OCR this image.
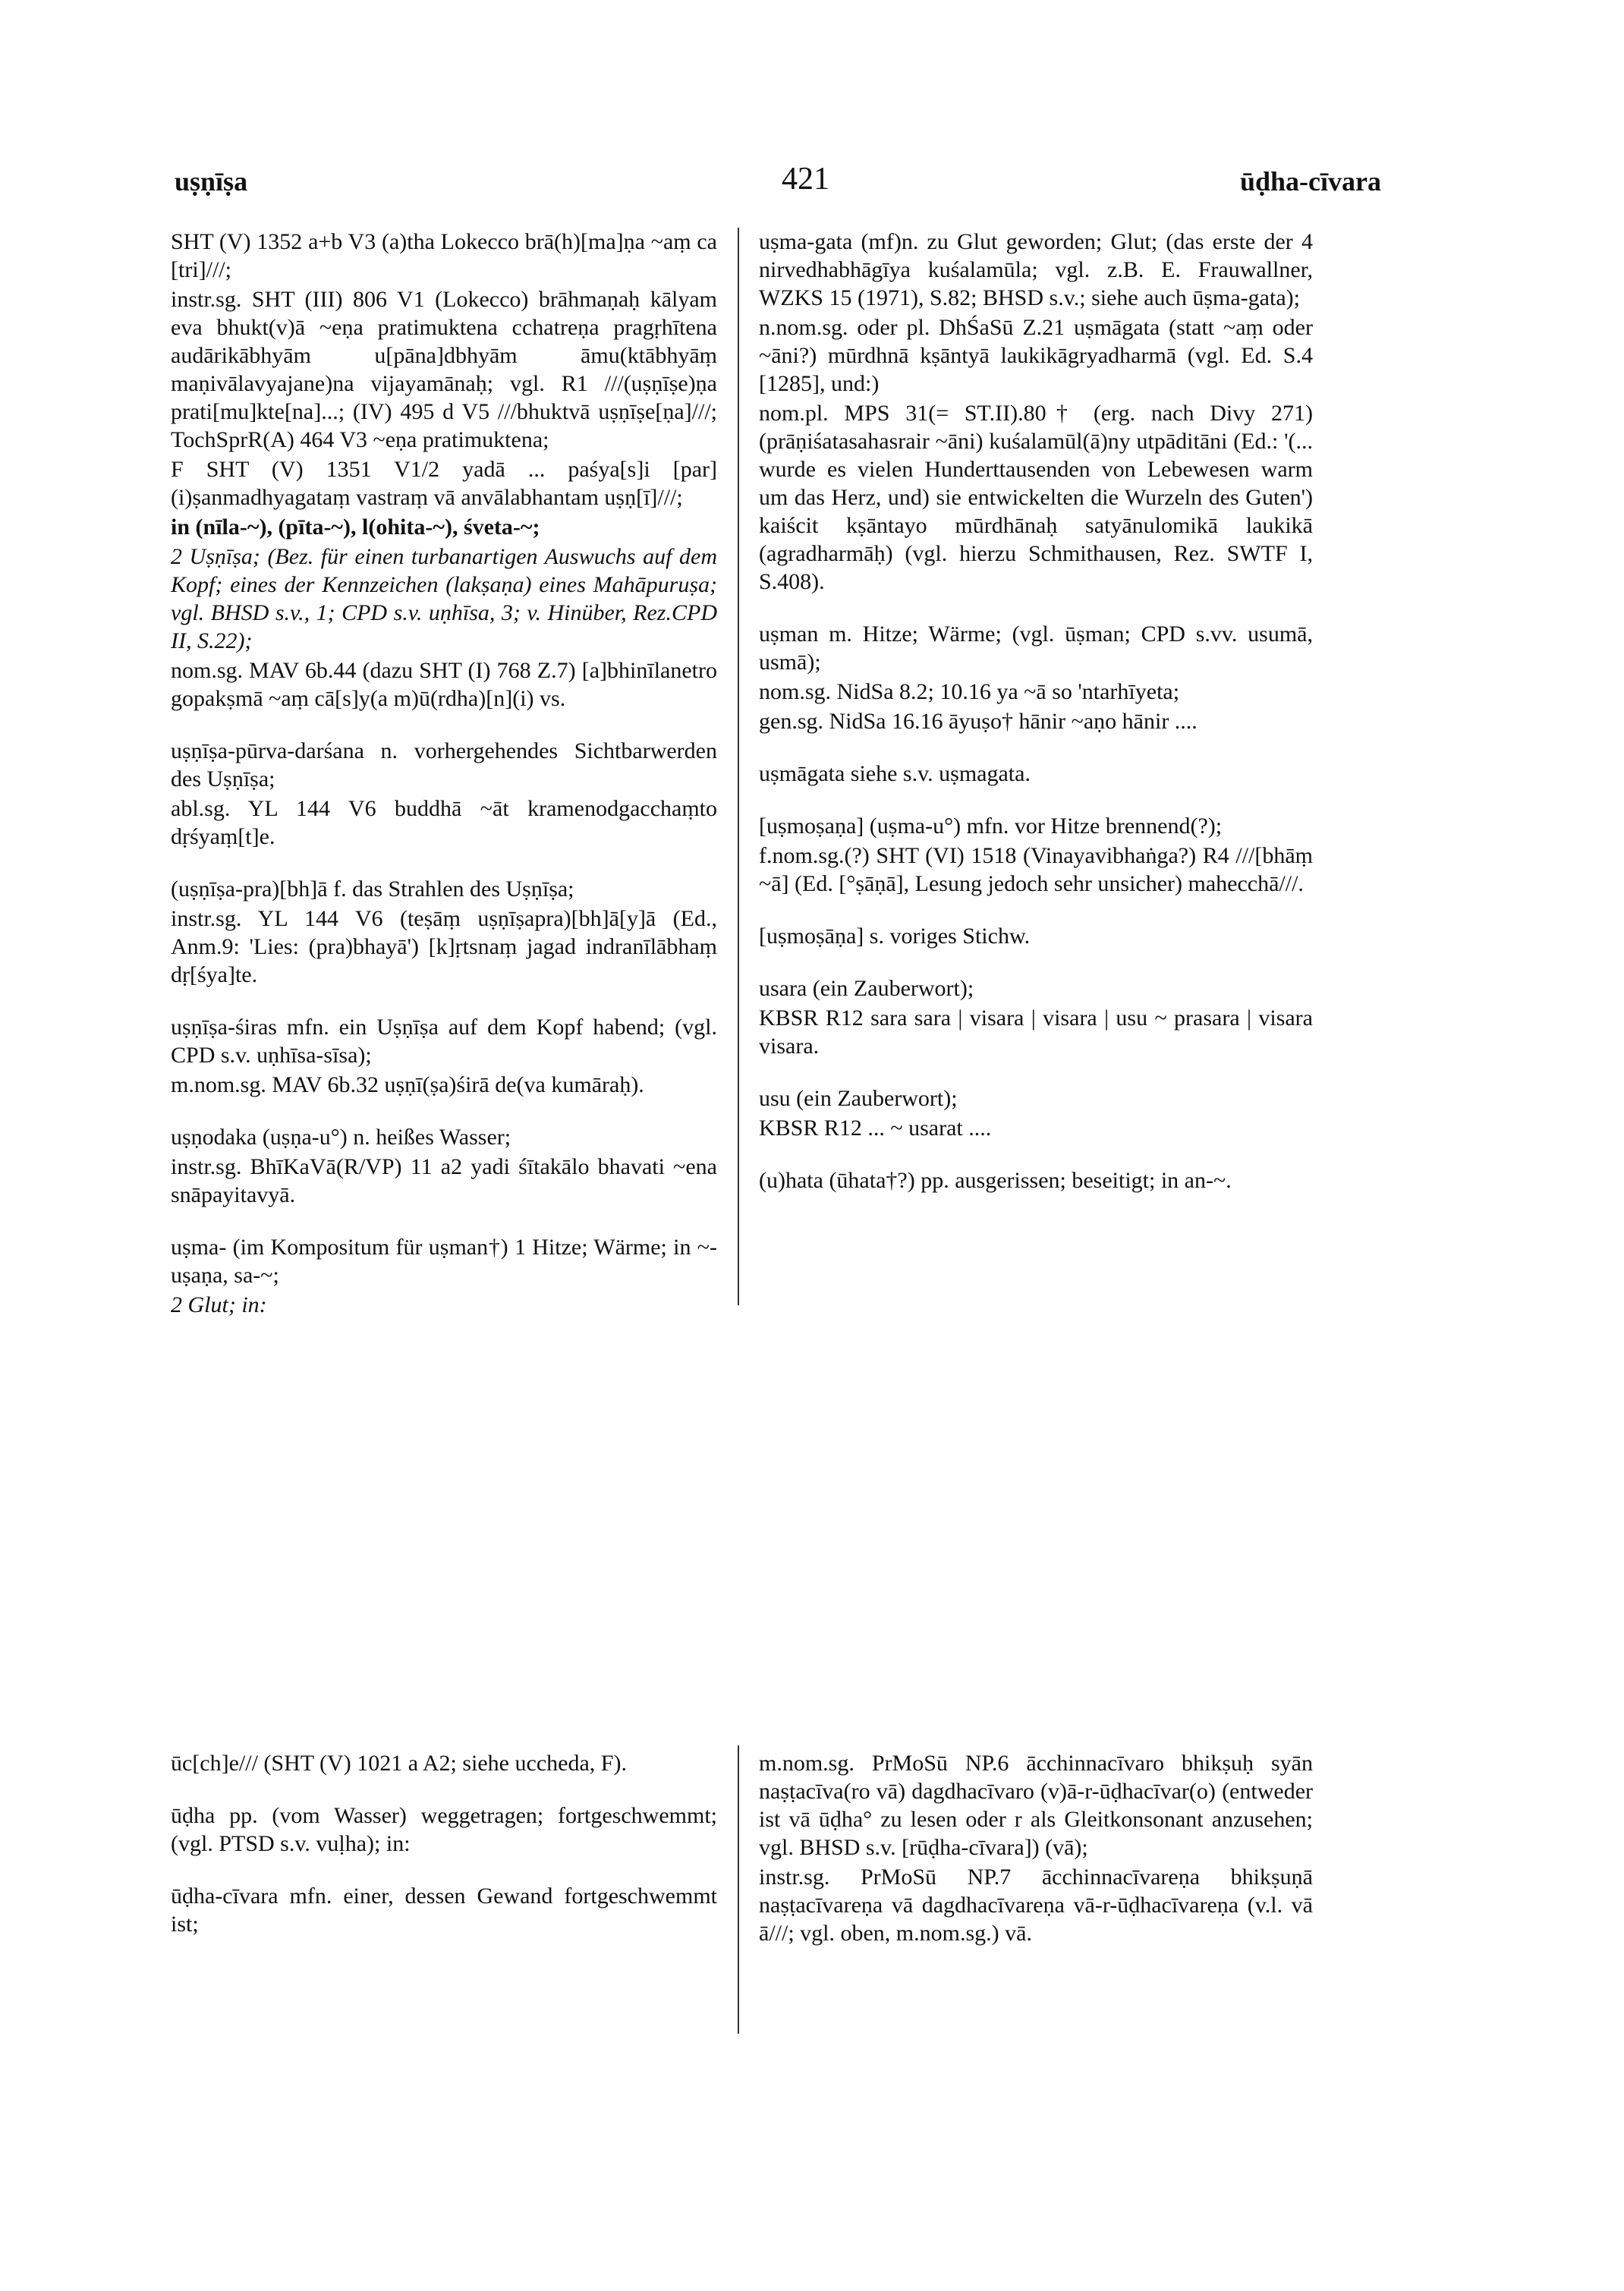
uṣṇīṣa	421	ūḍha-cīvara

SHT (V) 1352 a+b V3 (a)tha Lokecco brā(h)[ma]ṇa ~aṃ ca [tri]///;

instr.sg. SHT (III) 806 V1 (Lokecco) brāhmaṇaḥ kālyam eva bhukt(v)ā ~eṇa pratimuktena cchatreṇa pragṛhītena audārikābhyām u[pāna]dbhyām āmu(ktābhyāṃ maṇivālavyajane)na vijayamānaḥ; vgl. R1 ///(uṣṇīṣe)ṇa prati[mu]kte[na]...; (IV) 495 d V5 ///bhuktvā uṣṇīṣe[ṇa]///; TochSprR(A) 464 V3 ~eṇa pratimuktena;

F SHT (V) 1351 V1/2 yadā ... paśya[s]i [par](i)ṣanmadhyagataṃ vastraṃ vā anvālabhantam uṣṇ[ī]///;

in (nīla-~), (pīta-~), l(ohita-~), śveta-~;

2 Uṣṇīṣa; (Bez. für einen turbanartigen Auswuchs auf dem Kopf; eines der Kennzeichen (lakṣaṇa) eines Mahāpuruṣa; vgl. BHSD s.v., 1; CPD s.v. uṇhīsa, 3; v. Hinüber, Rez.CPD II, S.22);

nom.sg. MAV 6b.44 (dazu SHT (I) 768 Z.7) [a]bhinīlanetro gopakṣmā ~aṃ cā[s]y(a m)ū(rdha)[n](i) vs.

uṣṇīṣa-pūrva-darśana n. vorhergehendes Sichtbarwerden des Uṣṇīṣa;

abl.sg. YL 144 V6 buddhā ~āt kramenodgacchaṃto dṛśyaṃ[t]e.

(uṣṇīṣa-pra)[bh]ā f. das Strahlen des Uṣṇīṣa;

instr.sg. YL 144 V6 (teṣāṃ uṣṇīṣapra)[bh]ā[y]ā (Ed., Anm.9: 'Lies: (pra)bhayā') [k]ṛtsnaṃ jagad indranīlābhaṃ dṛ[śya]te.

uṣṇīṣa-śiras mfn. ein Uṣṇīṣa auf dem Kopf habend; (vgl. CPD s.v. uṇhīsa-sīsa);

m.nom.sg. MAV 6b.32 uṣṇī(ṣa)śirā de(va kumāraḥ).

uṣṇodaka (uṣṇa-u°) n. heißes Wasser;

instr.sg. BhīKaVā(R/VP) 11 a2 yadi śītakālo bhavati ~ena snāpayitavyā.

uṣma- (im Kompositum für uṣman†) 1 Hitze; Wärme; in ~-uṣaṇa, sa-~;

2 Glut; in:

uṣma-gata (mf)n. zu Glut geworden; Glut; (das erste der 4 nirvedhabhāgīya kuśalamūla; vgl. z.B. E. Frauwallner, WZKS 15 (1971), S.82; BHSD s.v.; siehe auch ūṣma-gata);

n.nom.sg. oder pl. DhŚaSū Z.21 uṣmāgata (statt ~aṃ oder ~āni?) mūrdhnā kṣāntyā laukikāgryadharmā (vgl. Ed. S.4 [1285], und:)

nom.pl. MPS 31(= ST.II).80† (erg. nach Divy 271) (prāṇiśatasahasrair ~āni) kuśalamūl(ā)ny utpāditāni (Ed.: '(... wurde es vielen Hunderttausenden von Lebewesen warm um das Herz, und) sie entwickelten die Wurzeln des Guten') kaiścit kṣāntayo mūrdhānaḥ satyānulomikā laukikā (agradharmāḥ) (vgl. hierzu Schmithausen, Rez. SWTF I, S.408).

uṣman m. Hitze; Wärme; (vgl. ūṣman; CPD s.vv. usumā, usmā);

nom.sg. NidSa 8.2; 10.16 ya ~ā so 'ntarhīyeta;

gen.sg. NidSa 16.16 āyuṣo† hānir ~aṇo hānir ....

uṣmāgata siehe s.v. uṣmagata.

[uṣmoṣaṇa] (uṣma-u°) mfn. vor Hitze brennend(?);

f.nom.sg.(?) SHT (VI) 1518 (Vinayavibhaṅga?) R4 ///[bhāṃ ~ā] (Ed. [°ṣāṇā], Lesung jedoch sehr unsicher) mahecchā///.

[uṣmoṣāṇa] s. voriges Stichw.

usara (ein Zauberwort);

KBSR R12 sara sara | visara | visara | usu ~ prasara | visara visara.

usu (ein Zauberwort);

KBSR R12 ... ~ usarat ....

(u)hata (ūhata†?) pp. ausgerissen; beseitigt; in an-~.

ūc[ch]e/// (SHT (V) 1021 a A2; siehe uccheda, F).

ūḍha pp. (vom Wasser) weggetragen; fortgeschwemmt; (vgl. PTSD s.v. vuḷha); in:

ūḍha-cīvara mfn. einer, dessen Gewand fortgeschwemmt ist;

m.nom.sg. PrMoSū NP.6 ācchinnacīvaro bhikṣuḥ syān naṣṭacīva(ro vā) dagdhacīvaro (v)ā-r-ūḍhacīvar(o) (entweder ist vā ūḍha° zu lesen oder r als Gleitkonsonant anzusehen; vgl. BHSD s.v. [rūḍha-cīvara]) (vā);

instr.sg. PrMoSū NP.7 ācchinnacīvareṇa bhikṣuṇā naṣṭacīvareṇa vā dagdhacīvareṇa vā-r-ūḍhacīvareṇa (v.l. vā ā///; vgl. oben, m.nom.sg.) vā.
